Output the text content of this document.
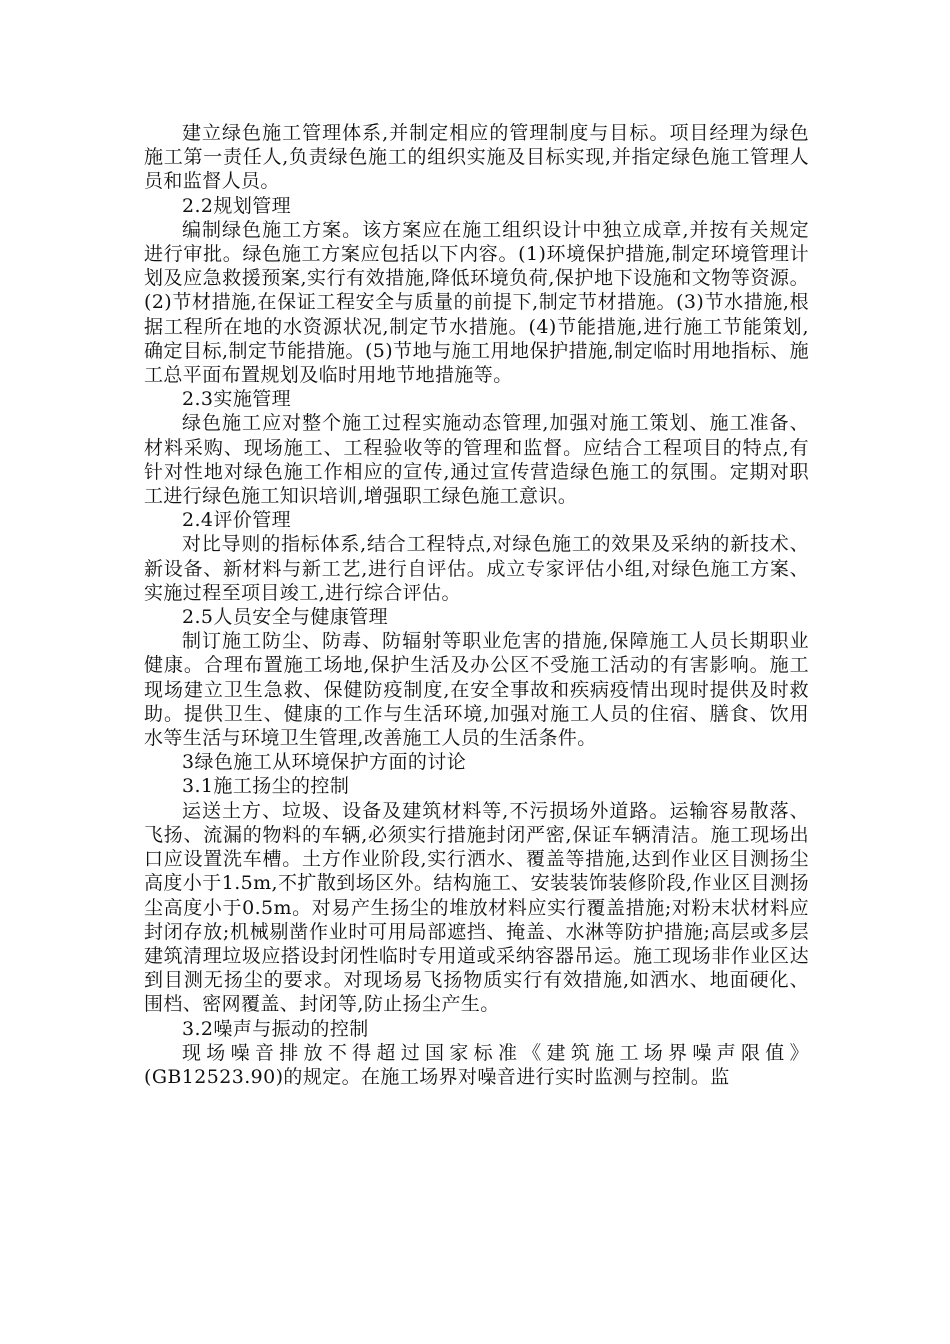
建立绿色施工管理体系,并制定相应的管理制度与目标。项目经理为绿色施工第一责任人,负责绿色施工的组织实施及目标实现,并指定绿色施工管理人员和监督人员。

2.2规划管理

编制绿色施工方案。该方案应在施工组织设计中独立成章,并按有关规定进行审批。绿色施工方案应包括以下内容。(1)环境保护措施,制定环境管理计划及应急救援预案,实行有效措施,降低环境负荷,保护地下设施和文物等资源。(2)节材措施,在保证工程安全与质量的前提下,制定节材措施。(3)节水措施,根据工程所在地的水资源状况,制定节水措施。(4)节能措施,进行施工节能策划,确定目标,制定节能措施。(5)节地与施工用地保护措施,制定临时用地指标、施工总平面布置规划及临时用地节地措施等。

2.3实施管理

绿色施工应对整个施工过程实施动态管理,加强对施工策划、施工准备、材料采购、现场施工、工程验收等的管理和监督。应结合工程项目的特点,有针对性地对绿色施工作相应的宣传,通过宣传营造绿色施工的氛围。定期对职工进行绿色施工知识培训,增强职工绿色施工意识。

2.4评价管理

对比导则的指标体系,结合工程特点,对绿色施工的效果及采纳的新技术、新设备、新材料与新工艺,进行自评估。成立专家评估小组,对绿色施工方案、实施过程至项目竣工,进行综合评估。

2.5人员安全与健康管理

制订施工防尘、防毒、防辐射等职业危害的措施,保障施工人员长期职业健康。合理布置施工场地,保护生活及办公区不受施工活动的有害影响。施工现场建立卫生急救、保健防疫制度,在安全事故和疾病疫情出现时提供及时救助。提供卫生、健康的工作与生活环境,加强对施工人员的住宿、膳食、饮用水等生活与环境卫生管理,改善施工人员的生活条件。

3绿色施工从环境保护方面的讨论

3.1施工扬尘的控制

运送土方、垃圾、设备及建筑材料等,不污损场外道路。运输容易散落、飞扬、流漏的物料的车辆,必须实行措施封闭严密,保证车辆清洁。施工现场出口应设置洗车槽。土方作业阶段,实行洒水、覆盖等措施,达到作业区目测扬尘高度小于1.5m,不扩散到场区外。结构施工、安装装饰装修阶段,作业区目测扬尘高度小于0.5m。对易产生扬尘的堆放材料应实行覆盖措施;对粉末状材料应封闭存放;机械剔凿作业时可用局部遮挡、掩盖、水淋等防护措施;高层或多层建筑清理垃圾应搭设封闭性临时专用道或采纳容器吊运。施工现场非作业区达到目测无扬尘的要求。对现场易飞扬物质实行有效措施,如洒水、地面硬化、围档、密网覆盖、封闭等,防止扬尘产生。

3.2噪声与振动的控制

现场噪音排放不得超过国家标准《建筑施工场界噪声限值》(GB12523.90)的规定。在施工场界对噪音进行实时监测与控制。监
